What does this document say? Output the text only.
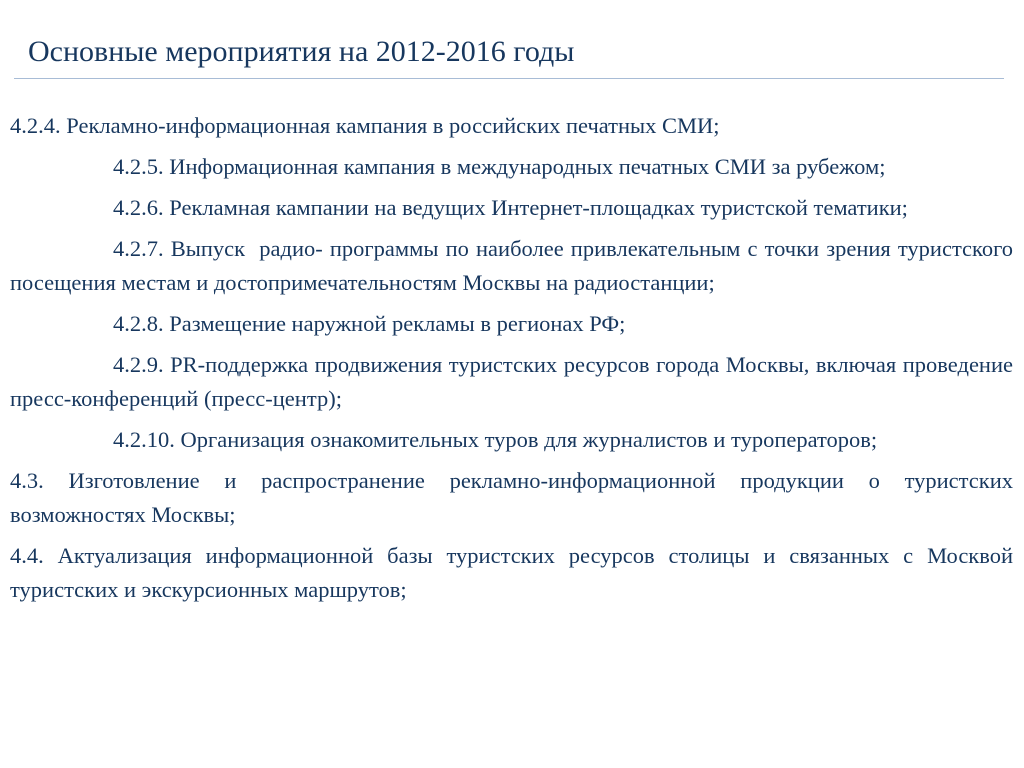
Основные мероприятия на 2012-2016 годы

4.2.4. Рекламно-информационная кампания в российских печатных СМИ;

4.2.5. Информационная кампания в международных печатных СМИ за рубежом;

4.2.6. Рекламная кампании на ведущих Интернет-площадках туристской тематики;

4.2.7. Выпуск  радио- программы по наиболее привлекательным с точки зрения туристского посещения местам и достопримечательностям Москвы на радиостанции;

4.2.8. Размещение наружной рекламы в регионах РФ;

4.2.9. PR-поддержка продвижения туристских ресурсов города Москвы, включая проведение пресс-конференций (пресс-центр);

4.2.10. Организация ознакомительных туров для журналистов и туроператоров;

4.3. Изготовление и распространение рекламно-информационной продукции о туристских возможностях Москвы;

4.4. Актуализация информационной базы туристских ресурсов столицы и связанных с Москвой туристских и экскурсионных маршрутов;
